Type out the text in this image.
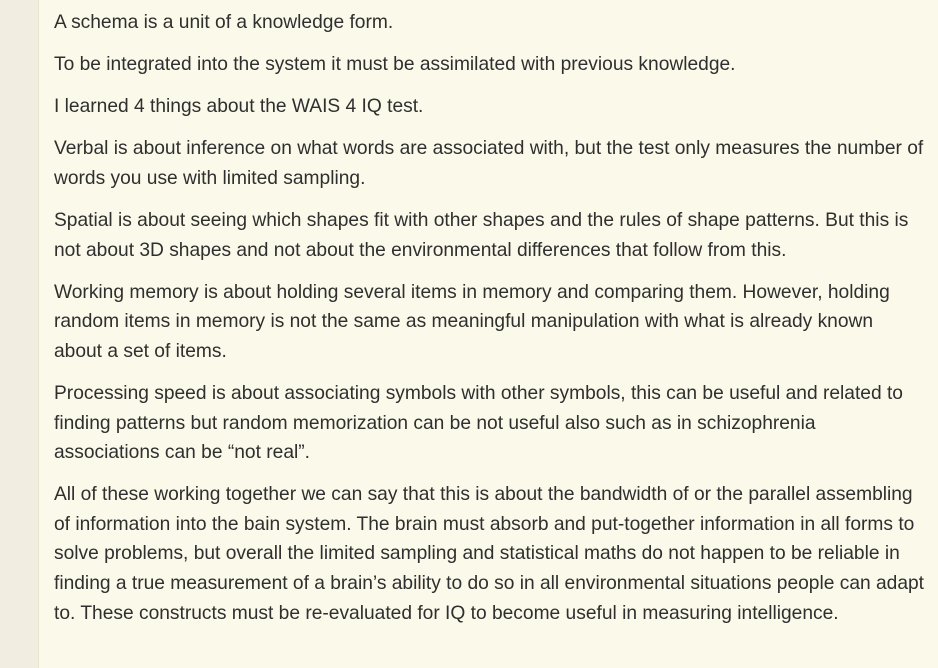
A schema is a unit of a knowledge form.

To be integrated into the system it must be assimilated with previous knowledge.

I learned 4 things about the WAIS 4 IQ test.

Verbal is about inference on what words are associated with, but the test only measures the number of words you use with limited sampling.

Spatial is about seeing which shapes fit with other shapes and the rules of shape patterns. But this is not about 3D shapes and not about the environmental differences that follow from this.

Working memory is about holding several items in memory and comparing them. However, holding random items in memory is not the same as meaningful manipulation with what is already known about a set of items.

Processing speed is about associating symbols with other symbols, this can be useful and related to finding patterns but random memorization can be not useful also such as in schizophrenia associations can be “not real”.

All of these working together we can say that this is about the bandwidth of or the parallel assembling of information into the bain system. The brain must absorb and put-together information in all forms to solve problems, but overall the limited sampling and statistical maths do not happen to be reliable in finding a true measurement of a brain’s ability to do so in all environmental situations people can adapt to. These constructs must be re-evaluated for IQ to become useful in measuring intelligence.
